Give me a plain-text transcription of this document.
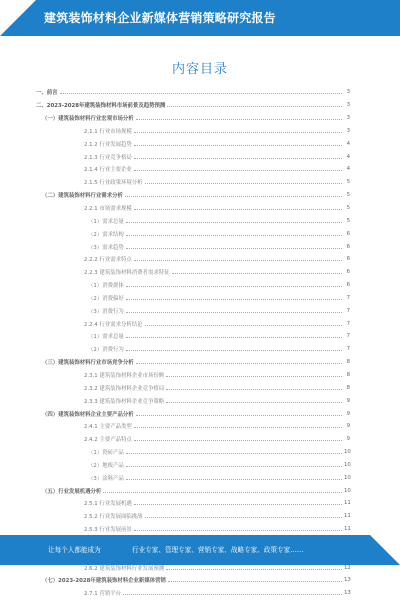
建筑装饰材料企业新媒体营销策略研究报告
内容目录
一、前言	3
二、2023-2028年建筑装饰材料市场前景及趋势预测	3
（一）建筑装饰材料行业宏观市场分析	3
2.1.1 行业市场规模	3
2.1.2 行业发展趋势	4
2.1.3 行业竞争格局	4
2.1.4 行业主要企业	4
2.1.5 行业政策环境分析	5
（二）建筑装饰材料行业需求分析	5
2.2.1 市场需求规模	5
（1）需求总量	5
（2）需求结构	6
（3）需求趋势	6
2.2.2 行业需求特点	6
2.2.3 建筑装饰材料消费者需求特征	6
（1）消费群体	6
（2）消费偏好	7
（3）消费行为	7
2.2.4 行业需求分析结论	7
（1）需求总量	7
（2）消费行为	7
（三）建筑装饰材料行业市场竞争分析	8
2.3.1 建筑装饰材料企业市场份额	8
2.3.2 建筑装饰材料企业竞争格局	8
2.3.3 建筑装饰材料企业竞争策略	9
（四）建筑装饰材料企业主要产品分析	9
2.4.1 主要产品类型	9
2.4.2 主要产品特点	9
（1）瓷砖产品	10
（2）地板产品	10
（3）涂料产品	10
（五）行业发展机遇分析	10
2.5.1 行业发展机遇	11
2.5.2 行业发展面临挑战	11
2.5.3 行业发展前景	11
2.6.2 建筑装饰材料行业发展预测	12
（七）2023-2028年建筑装饰材料企业新媒体营销	13
2.7.1 营销平台	13
让每个人都能成为	行业专家、管理专家、营销专家、战略专家、政策专家……
